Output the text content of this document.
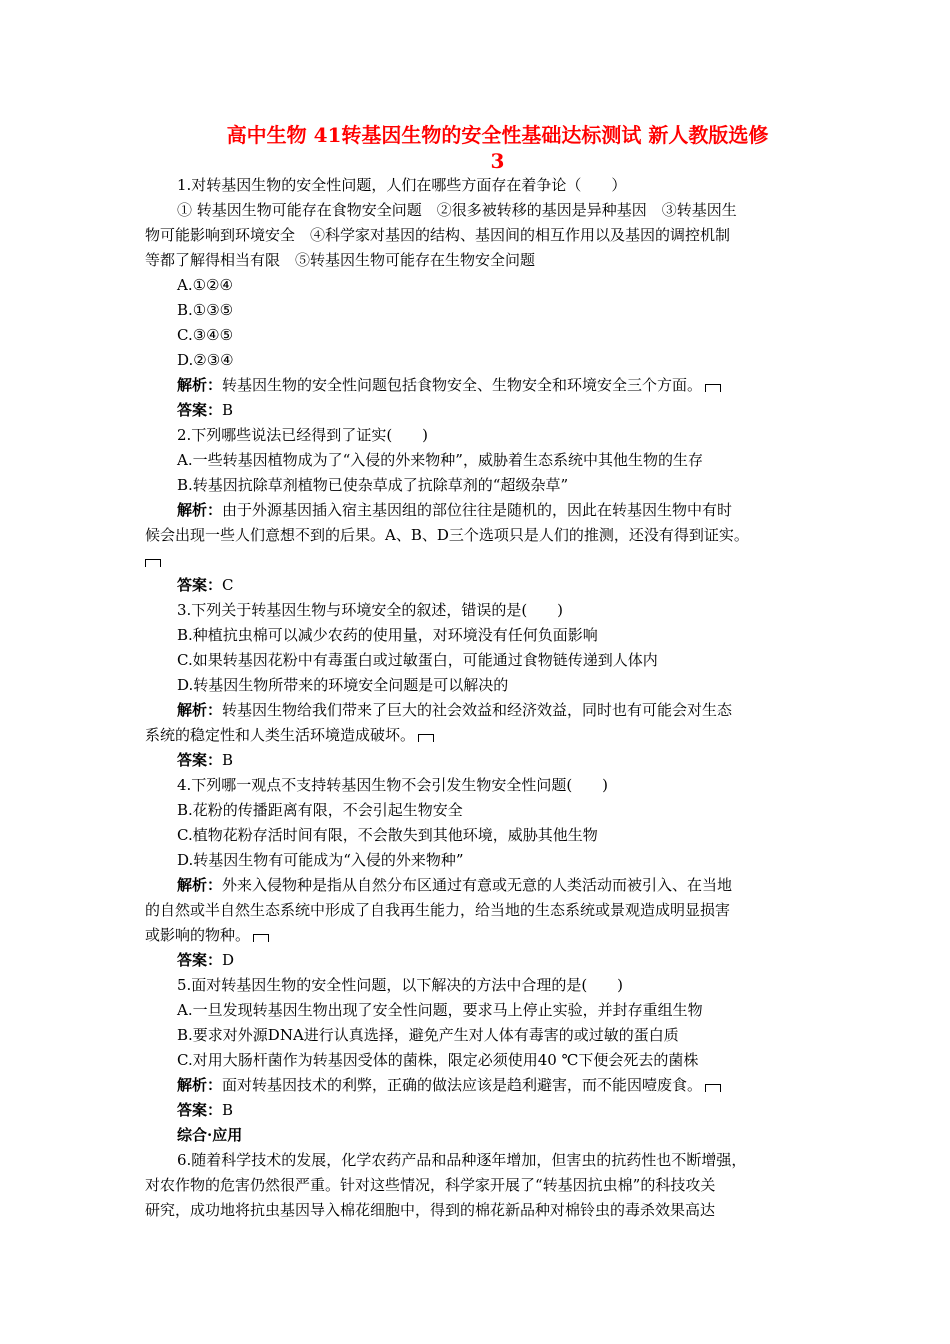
高中生物 41转基因生物的安全性基础达标测试 新人教版选修
3

1.对转基因生物的安全性问题，人们在哪些方面存在着争论（　　）

① 转基因生物可能存在食物安全问题　②很多被转移的基因是异种基因　③转基因生

物可能影响到环境安全　④科学家对基因的结构、基因间的相互作用以及基因的调控机制

等都了解得相当有限　⑤转基因生物可能存在生物安全问题

A.①②④

B.①③⑤

C.③④⑤

D.②③④

解析：转基因生物的安全性问题包括食物安全、生物安全和环境安全三个方面。

答案：B

2.下列哪些说法已经得到了证实(　　)

A.一些转基因植物成为了“入侵的外来物种”，威胁着生态系统中其他生物的生存

B.转基因抗除草剂植物已使杂草成了抗除草剂的“超级杂草”

解析：由于外源基因插入宿主基因组的部位往往是随机的，因此在转基因生物中有时

候会出现一些人们意想不到的后果。A、B、D三个选项只是人们的推测，还没有得到证实。

答案：C

3.下列关于转基因生物与环境安全的叙述，错误的是(　　)

B.种植抗虫棉可以减少农药的使用量，对环境没有任何负面影响

C.如果转基因花粉中有毒蛋白或过敏蛋白，可能通过食物链传递到人体内

D.转基因生物所带来的环境安全问题是可以解决的

解析：转基因生物给我们带来了巨大的社会效益和经济效益，同时也有可能会对生态

系统的稳定性和人类生活环境造成破坏。

答案：B

4.下列哪一观点不支持转基因生物不会引发生物安全性问题(　　)

B.花粉的传播距离有限，不会引起生物安全

C.植物花粉存活时间有限，不会散失到其他环境，威胁其他生物

D.转基因生物有可能成为“入侵的外来物种”

解析：外来入侵物种是指从自然分布区通过有意或无意的人类活动而被引入、在当地

的自然或半自然生态系统中形成了自我再生能力，给当地的生态系统或景观造成明显损害

或影响的物种。

答案：D

5.面对转基因生物的安全性问题，以下解决的方法中合理的是(　　)

A.一旦发现转基因生物出现了安全性问题，要求马上停止实验，并封存重组生物

B.要求对外源DNA进行认真选择，避免产生对人体有毒害的或过敏的蛋白质

C.对用大肠杆菌作为转基因受体的菌株，限定必须使用40 ℃下便会死去的菌株

解析：面对转基因技术的利弊，正确的做法应该是趋利避害，而不能因噎废食。

答案：B

综合·应用

6.随着科学技术的发展，化学农药产品和品种逐年增加，但害虫的抗药性也不断增强，

对农作物的危害仍然很严重。针对这些情况，科学家开展了“转基因抗虫棉”的科技攻关

研究，成功地将抗虫基因导入棉花细胞中，得到的棉花新品种对棉铃虫的毒杀效果高达
